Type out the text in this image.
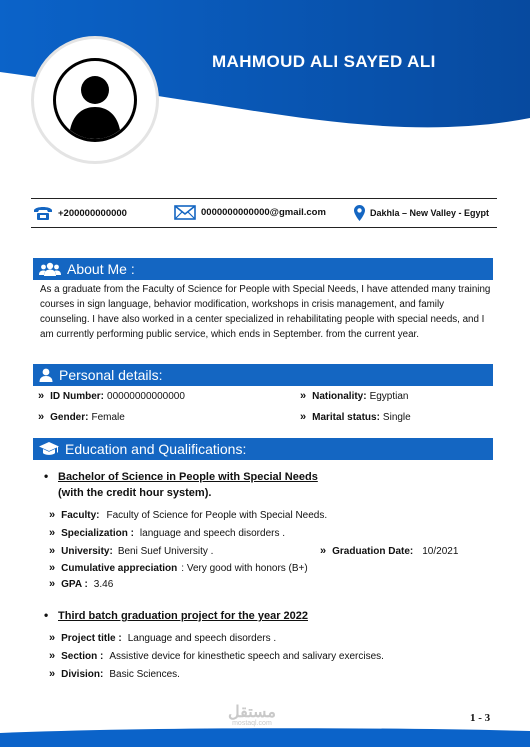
MAHMOUD ALI SAYED ALI
+200000000000	0000000000000@gmail.com	Dakhla – New Valley - Egypt
About Me :
As a graduate from the Faculty of Science for People with Special Needs, I have attended many training courses in sign language, behavior modification, workshops in crisis management, and family counseling. I have also worked in a center specialized in rehabilitating people with special needs, and I am currently performing public service, which ends in September. from the current year.
Personal details:
» ID Number: 00000000000000	» Nationality: Egyptian
» Gender: Female	» Marital status: Single
Education and Qualifications:
• Bachelor of Science in People with Special Needs
(with the credit hour system).
» Faculty: Faculty of Science for People with Special Needs.
» Specialization : language and speech disorders .
» University: Beni Suef University .	» Graduation Date: 10/2021
» Cumulative appreciation : Very good with honors (B+)
» GPA : 3.46
• Third batch graduation project for the year 2022
» Project title : Language and speech disorders .
» Section : Assistive device for kinesthetic speech and salivary exercises.
» Division: Basic Sciences.
مستقل
mostaql.com	1 - 3
